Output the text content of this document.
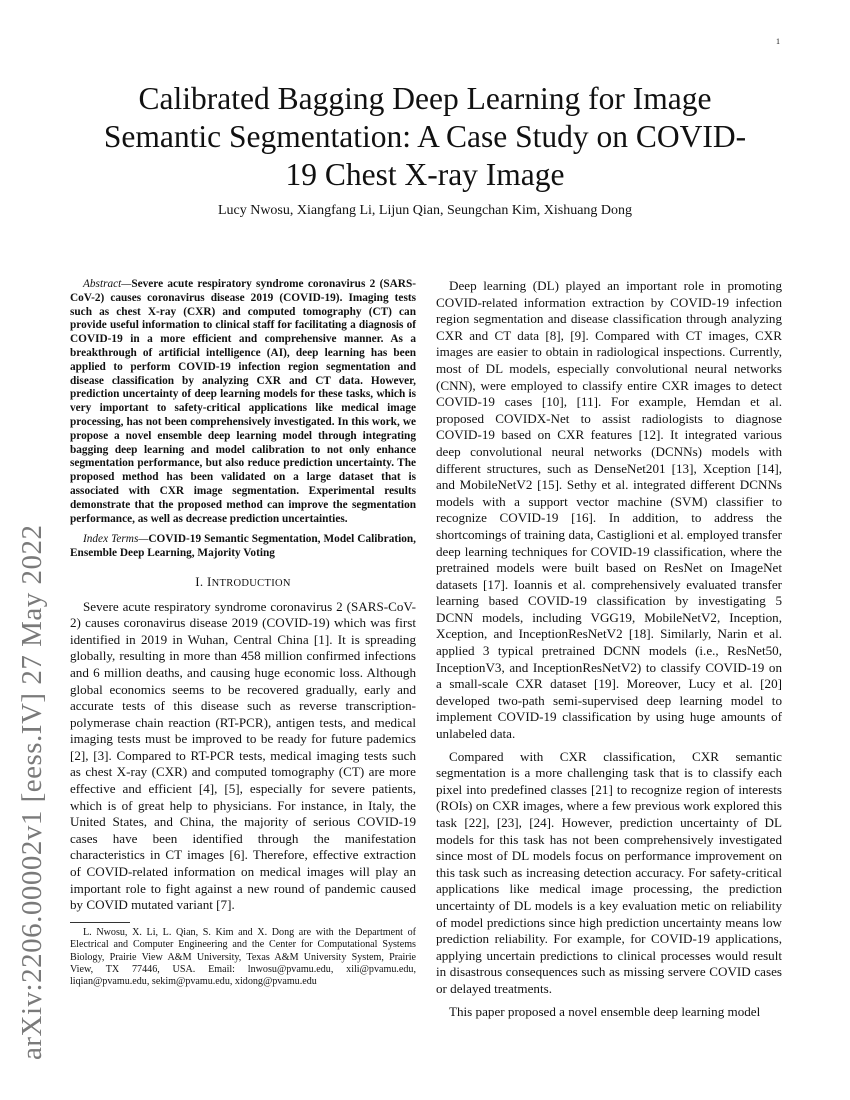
1
arXiv:2206.00002v1 [eess.IV] 27 May 2022
Calibrated Bagging Deep Learning for Image Semantic Segmentation: A Case Study on COVID-19 Chest X-ray Image
Lucy Nwosu, Xiangfang Li, Lijun Qian, Seungchan Kim, Xishuang Dong

Abstract—Severe acute respiratory syndrome coronavirus 2 (SARS-CoV-2) causes coronavirus disease 2019 (COVID-19). Imaging tests such as chest X-ray (CXR) and computed tomography (CT) can provide useful information to clinical staff for facilitating a diagnosis of COVID-19 in a more efficient and comprehensive manner. As a breakthrough of artificial intelligence (AI), deep learning has been applied to perform COVID-19 infection region segmentation and disease classification by analyzing CXR and CT data. However, prediction uncertainty of deep learning models for these tasks, which is very important to safety-critical applications like medical image processing, has not been comprehensively investigated. In this work, we propose a novel ensemble deep learning model through integrating bagging deep learning and model calibration to not only enhance segmentation performance, but also reduce prediction uncertainty. The proposed method has been validated on a large dataset that is associated with CXR image segmentation. Experimental results demonstrate that the proposed method can improve the segmentation performance, as well as decrease prediction uncertainties.

Index Terms—COVID-19 Semantic Segmentation, Model Calibration, Ensemble Deep Learning, Majority Voting

I. INTRODUCTION

Severe acute respiratory syndrome coronavirus 2 (SARS-CoV-2) causes coronavirus disease 2019 (COVID-19) which was first identified in 2019 in Wuhan, Central China [1]. It is spreading globally, resulting in more than 458 million confirmed infections and 6 million deaths, and causing huge economic loss. Although global economics seems to be recovered gradually, early and accurate tests of this disease such as reverse transcription-polymerase chain reaction (RT-PCR), antigen tests, and medical imaging tests must be improved to be ready for future pademics [2], [3]. Compared to RT-PCR tests, medical imaging tests such as chest X-ray (CXR) and computed tomography (CT) are more effective and efficient [4], [5], especially for severe patients, which is of great help to physicians. For instance, in Italy, the United States, and China, the majority of serious COVID-19 cases have been identified through the manifestation characteristics in CT images [6]. Therefore, effective extraction of COVID-related information on medical images will play an important role to fight against a new round of pandemic caused by COVID mutated variant [7].

L. Nwosu, X. Li, L. Qian, S. Kim and X. Dong are with the Department of Electrical and Computer Engineering and the Center for Computational Systems Biology, Prairie View A&M University, Texas A&M University System, Prairie View, TX 77446, USA. Email: lnwosu@pvamu.edu, xili@pvamu.edu, liqian@pvamu.edu, sekim@pvamu.edu, xidong@pvamu.edu

Deep learning (DL) played an important role in promoting COVID-related information extraction by COVID-19 infection region segmentation and disease classification through analyzing CXR and CT data [8], [9]. Compared with CT images, CXR images are easier to obtain in radiological inspections. Currently, most of DL models, especially convolutional neural networks (CNN), were employed to classify entire CXR images to detect COVID-19 cases [10], [11]. For example, Hemdan et al. proposed COVIDX-Net to assist radiologists to diagnose COVID-19 based on CXR features [12]. It integrated various deep convolutional neural networks (DCNNs) models with different structures, such as DenseNet201 [13], Xception [14], and MobileNetV2 [15]. Sethy et al. integrated different DCNNs models with a support vector machine (SVM) classifier to recognize COVID-19 [16]. In addition, to address the shortcomings of training data, Castiglioni et al. employed transfer deep learning techniques for COVID-19 classification, where the pretrained models were built based on ResNet on ImageNet datasets [17]. Ioannis et al. comprehensively evaluated transfer learning based COVID-19 classification by investigating 5 DCNN models, including VGG19, MobileNetV2, Inception, Xception, and InceptionResNetV2 [18]. Similarly, Narin et al. applied 3 typical pretrained DCNN models (i.e., ResNet50, InceptionV3, and InceptionResNetV2) to classify COVID-19 on a small-scale CXR dataset [19]. Moreover, Lucy et al. [20] developed two-path semi-supervised deep learning model to implement COVID-19 classification by using huge amounts of unlabeled data.

Compared with CXR classification, CXR semantic segmentation is a more challenging task that is to classify each pixel into predefined classes [21] to recognize region of interests (ROIs) on CXR images, where a few previous work explored this task [22], [23], [24]. However, prediction uncertainty of DL models for this task has not been comprehensively investigated since most of DL models focus on performance improvement on this task such as increasing detection accuracy. For safety-critical applications like medical image processing, the prediction uncertainty of DL models is a key evaluation metic on reliability of model predictions since high prediction uncertainty means low prediction reliability. For example, for COVID-19 applications, applying uncertain predictions to clinical processes would result in disastrous consequences such as missing servere COVID cases or delayed treatments.

This paper proposed a novel ensemble deep learning model
